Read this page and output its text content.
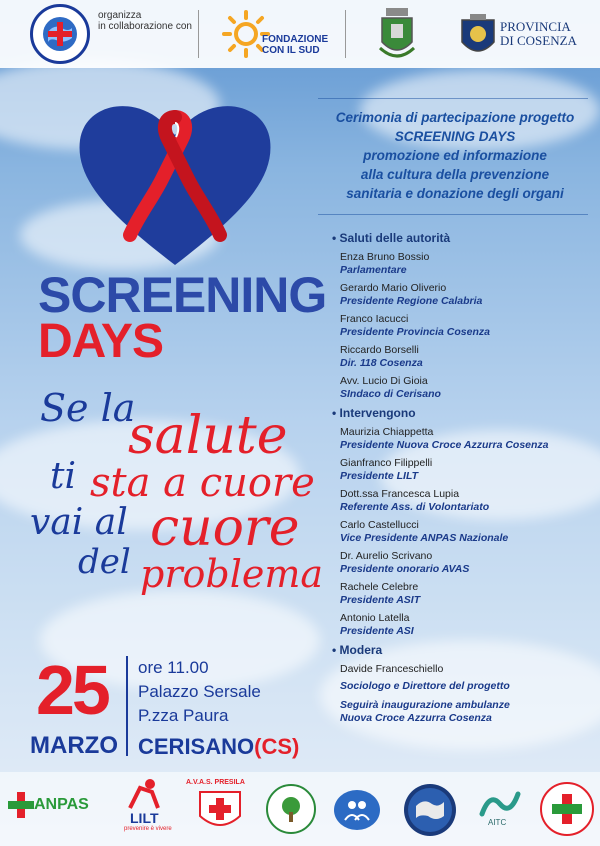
organizza
in collaborazione con
FONDAZIONE
CON IL SUD
PROVINCIA
DI COSENZA
SCREENING
DAYS
Se la
salute
ti sta a cuore
vai al cuore
del problema
25
MARZO
ore 11.00
Palazzo Sersale
P.zza Paura
CERISANO(CS)
Cerimonia di partecipazione progetto
SCREENING DAYS
promozione ed informazione
alla cultura della prevenzione
sanitaria e donazione degli organi
• Saluti delle autorità
Enza Bruno Bossio
Parlamentare
Gerardo Mario Oliverio
Presidente Regione Calabria
Franco Iacucci
Presidente Provincia Cosenza
Riccardo Borselli
Dir. 118 Cosenza
Avv. Lucio Di Gioia
SIndaco di Cerisano
• Intervengono
Maurizia Chiappetta
Presidente Nuova Croce Azzurra Cosenza
Gianfranco Filippelli
Presidente LILT
Dott.ssa Francesca Lupia
Referente Ass. di Volontariato
Carlo Castellucci
Vice Presidente ANPAS Nazionale
Dr. Aurelio Scrivano
Presidente onorario AVAS
Rachele Celebre
Presidente ASIT
Antonio Latella
Presidente ASI
• Modera
Davide Franceschiello
Sociologo e Direttore del progetto
Seguirà inaugurazione ambulanze
Nuova Croce Azzurra Cosenza
ANPAS
LILT
prevenire è vivere
A.V.A.S. PRESILA
AITC
